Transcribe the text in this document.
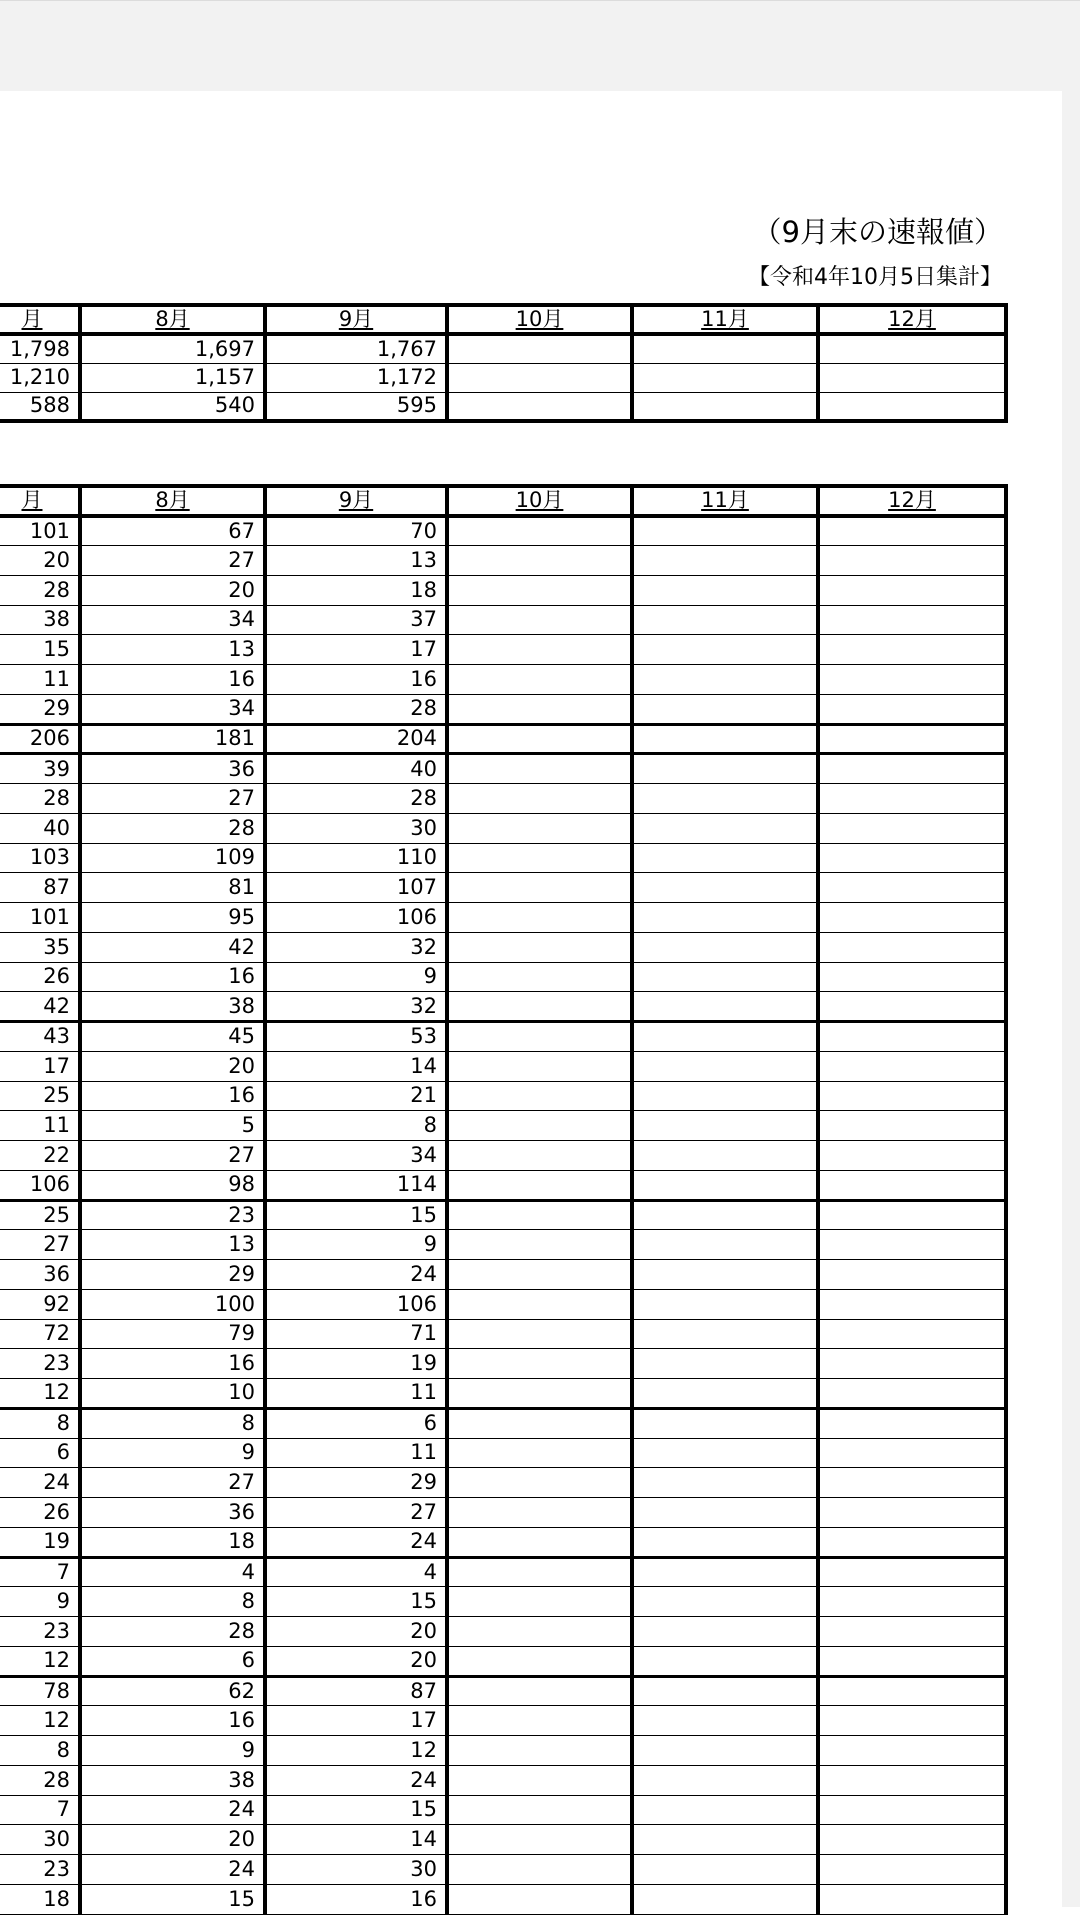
（9月末の速報値）
【令和4年10月5日集計】
月	8月	9月	10月	11月	12月
1,798	1,697	1,767			
1,210	1,157	1,172			
588	540	595			
月	8月	9月	10月	11月	12月
101	67	70			
20	27	13			
28	20	18			
38	34	37			
15	13	17			
11	16	16			
29	34	28			
206	181	204			
39	36	40			
28	27	28			
40	28	30			
103	109	110			
87	81	107			
101	95	106			
35	42	32			
26	16	9			
42	38	32			
43	45	53			
17	20	14			
25	16	21			
11	5	8			
22	27	34			
106	98	114			
25	23	15			
27	13	9			
36	29	24			
92	100	106			
72	79	71			
23	16	19			
12	10	11			
8	8	6			
6	9	11			
24	27	29			
26	36	27			
19	18	24			
7	4	4			
9	8	15			
23	28	20			
12	6	20			
78	62	87			
12	16	17			
8	9	12			
28	38	24			
7	24	15			
30	20	14			
23	24	30			
18	15	16			
